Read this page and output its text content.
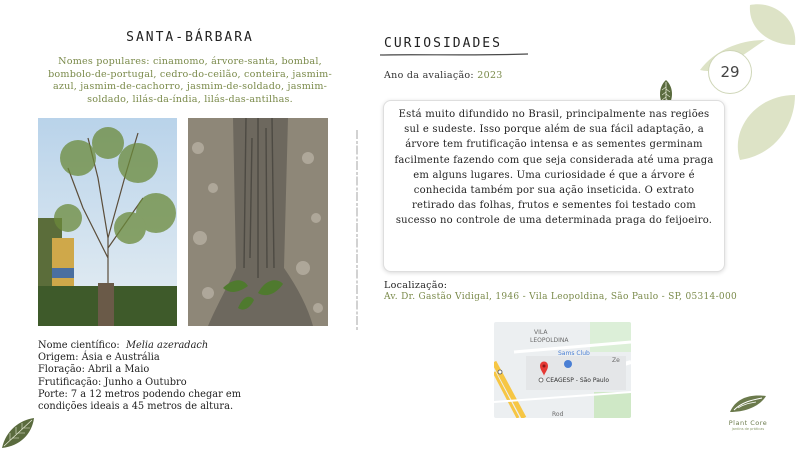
SANTA-BÁRBARA
Nomes populares: cinamomo, árvore-santa, bombal, bombolo-de-portugal, cedro-do-ceilão, conteira, jasmim-azul, jasmim-de-cachorro, jasmim-de-soldado, jasmim-soldado, lilás-da-índia, lilás-das-antilhas.
Nome científico: Melia azeradach
Origem: Ásia e Austrália
Floração: Abril a Maio
Frutificação: Junho a Outubro
Porte: 7 a 12 metros podendo chegar em
condições ideais a 45 metros de altura.
CURIOSIDADES
Ano da avaliação: 2023
Está muito difundido no Brasil, principalmente nas regiões sul e sudeste. Isso porque além de sua fácil adaptação, a árvore tem frutificação intensa e as sementes germinam facilmente fazendo com que seja considerada até uma praga em alguns lugares. Uma curiosidade é que a árvore é conhecida também por sua ação inseticida. O extrato retirado das folhas, frutos e sementes foi testado com sucesso no controle de uma determinada praga do feijoeiro.
Localização:
Av. Dr. Gastão Vidigal, 1946 - Vila Leopoldina, São Paulo - SP, 05314-000
VILA
LEOPOLDINA
Sams Club
Ze
CEAGESP - São Paulo
Rod
29
Plant Core
jardins de práticas
